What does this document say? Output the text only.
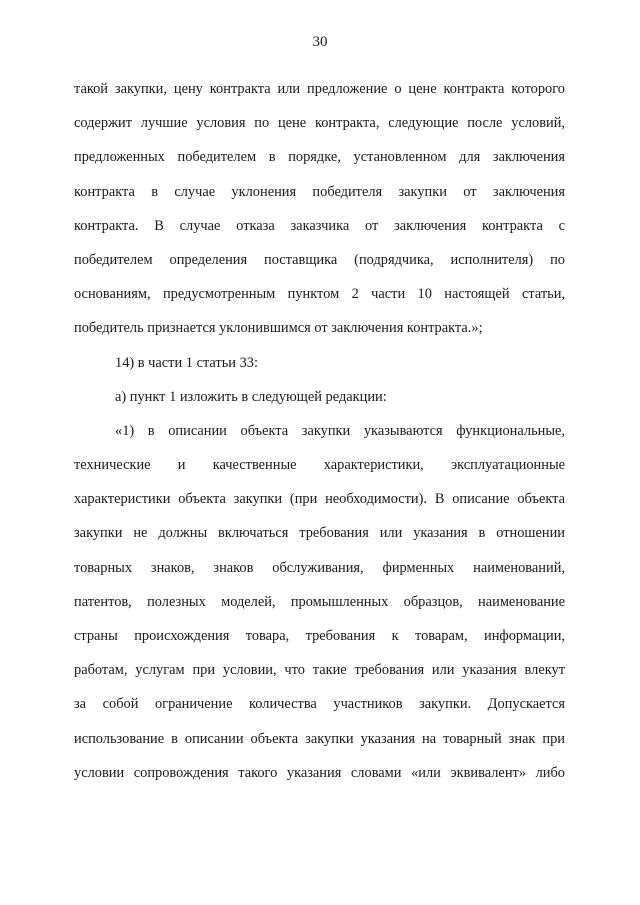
30
такой закупки, цену контракта или предложение о цене контракта которого
содержит лучшие условия по цене контракта, следующие после условий,
предложенных победителем в порядке, установленном для заключения
контракта в случае уклонения победителя закупки от заключения
контракта. В случае отказа заказчика от заключения контракта с
победителем определения поставщика (подрядчика, исполнителя) по
основаниям, предусмотренным пунктом 2 части 10 настоящей статьи,
победитель признается уклонившимся от заключения контракта.»;
14) в части 1 статьи 33:
а) пункт 1 изложить в следующей редакции:
«1) в описании объекта закупки указываются функциональные,
технические и качественные характеристики, эксплуатационные
характеристики объекта закупки (при необходимости). В описание объекта
закупки не должны включаться требования или указания в отношении
товарных знаков, знаков обслуживания, фирменных наименований,
патентов, полезных моделей, промышленных образцов, наименование
страны происхождения товара, требования к товарам, информации,
работам, услугам при условии, что такие требования или указания влекут
за собой ограничение количества участников закупки. Допускается
использование в описании объекта закупки указания на товарный знак при
условии сопровождения такого указания словами «или эквивалент» либо
